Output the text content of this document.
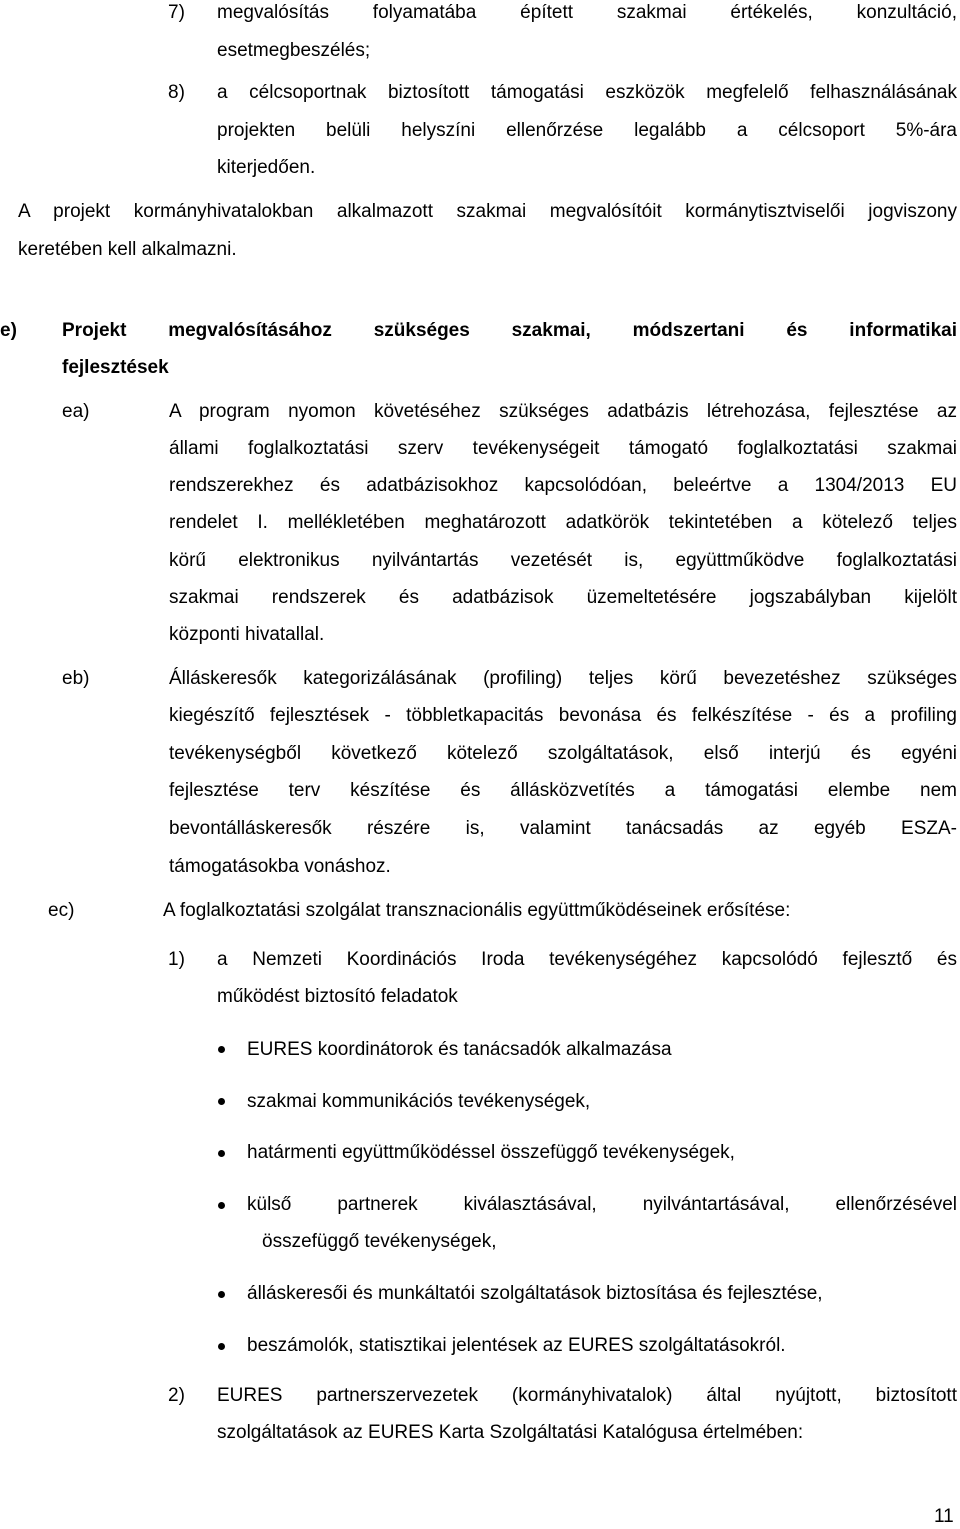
7) megvalósítás folyamatába épített szakmai értékelés, konzultáció,
esetmegbeszélés;
8) a célcsoportnak biztosított támogatási eszközök megfelelő felhasználásának
projekten belüli helyszíni ellenőrzése legalább a célcsoport 5%-ára
kiterjedően.
A projekt kormányhivatalokban alkalmazott szakmai megvalósítóit kormánytisztviselői jogviszony
keretében kell alkalmazni.
e) Projekt megvalósításához szükséges szakmai, módszertani és informatikai
fejlesztések
ea)	A program nyomon követéséhez szükséges adatbázis létrehozása, fejlesztése az
állami foglalkoztatási szerv tevékenységeit támogató foglalkoztatási szakmai
rendszerekhez és adatbázisokhoz kapcsolódóan, beleértve a 1304/2013 EU
rendelet I. mellékletében meghatározott adatkörök tekintetében a kötelező teljes
körű elektronikus nyilvántartás vezetését is, együttműködve foglalkoztatási
szakmai rendszerek és adatbázisok üzemeltetésére jogszabályban kijelölt
központi hivatallal.
eb)	Álláskeresők kategorizálásának (profiling) teljes körű bevezetéshez szükséges
kiegészítő fejlesztések - többletkapacitás bevonása és felkészítése - és a profiling
tevékenységből következő kötelező szolgáltatások, első interjú és egyéni
fejlesztése terv készítése és állásközvetítés a támogatási elembe nem
bevontálláskeresők részére is, valamint tanácsadás az egyéb ESZA-
támogatásokba vonáshoz.
ec)	A foglalkoztatási szolgálat transznacionális együttműködéseinek erősítése:
1) a Nemzeti Koordinációs Iroda tevékenységéhez kapcsolódó fejlesztő és
működést biztosító feladatok
EURES koordinátorok és tanácsadók alkalmazása
szakmai kommunikációs tevékenységek,
határmenti együttműködéssel összefüggő tevékenységek,
külső partnerek kiválasztásával, nyilvántartásával, ellenőrzésével
összefüggő tevékenységek,
álláskeresői és munkáltatói szolgáltatások biztosítása és fejlesztése,
beszámolók, statisztikai jelentések az EURES szolgáltatásokról.
2) EURES partnerszervezetek (kormányhivatalok) által nyújtott, biztosított
szolgáltatások az EURES Karta Szolgáltatási Katalógusa értelmében:
11
